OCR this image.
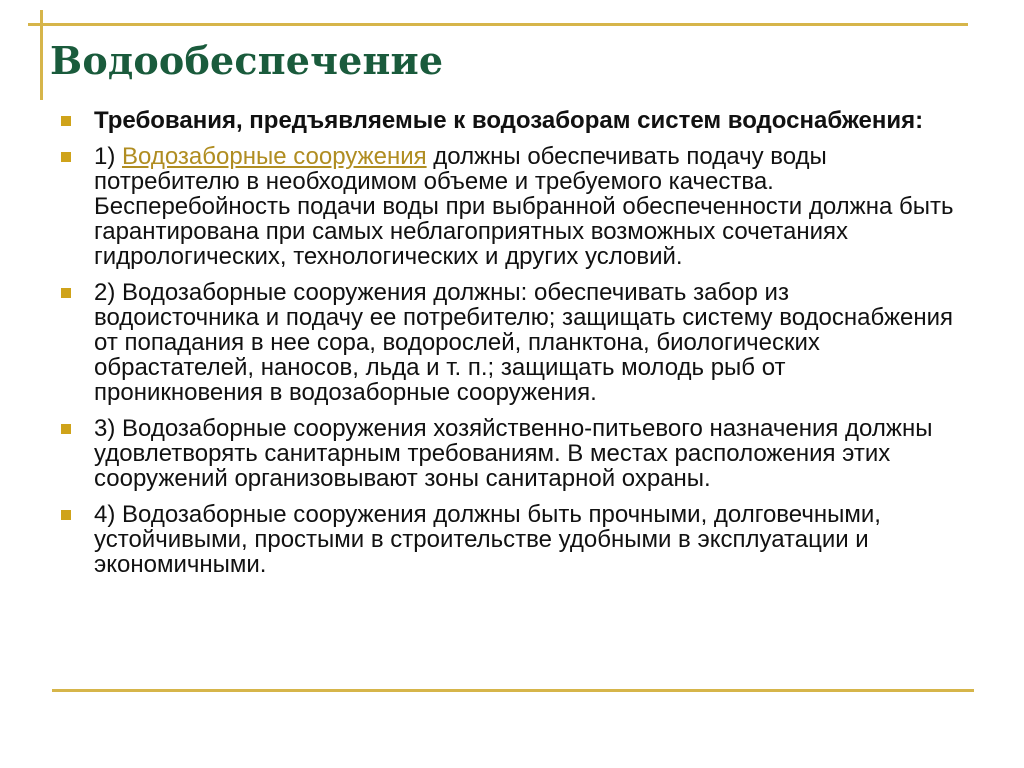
Водообеспечение
Требования, предъявляемые к водозаборам систем водоснабжения:
1) Водозаборные сооружения должны обеспечивать подачу воды потребителю в необходимом объеме и требуемого качества. Бесперебойность подачи воды при выбранной обеспеченности должна быть гарантирована при самых неблагоприятных возможных сочетаниях гидрологических, технологических и других условий.
2) Водозаборные сооружения должны: обеспечивать забор из водоисточника и подачу ее потребителю; защищать систему водоснабжения от попадания в нее сора, водорослей, планктона, биологических обрастателей, наносов, льда и т. п.; защищать молодь рыб от проникновения в водозаборные сооружения.
3) Водозаборные сооружения хозяйственно-питьевого назначения должны удовлетворять санитарным требованиям. В местах расположения этих сооружений организовывают зоны санитарной охраны.
4) Водозаборные сооружения должны быть прочными, долговечными, устойчивыми, простыми в строительстве удобными в эксплуатации и экономичными.
